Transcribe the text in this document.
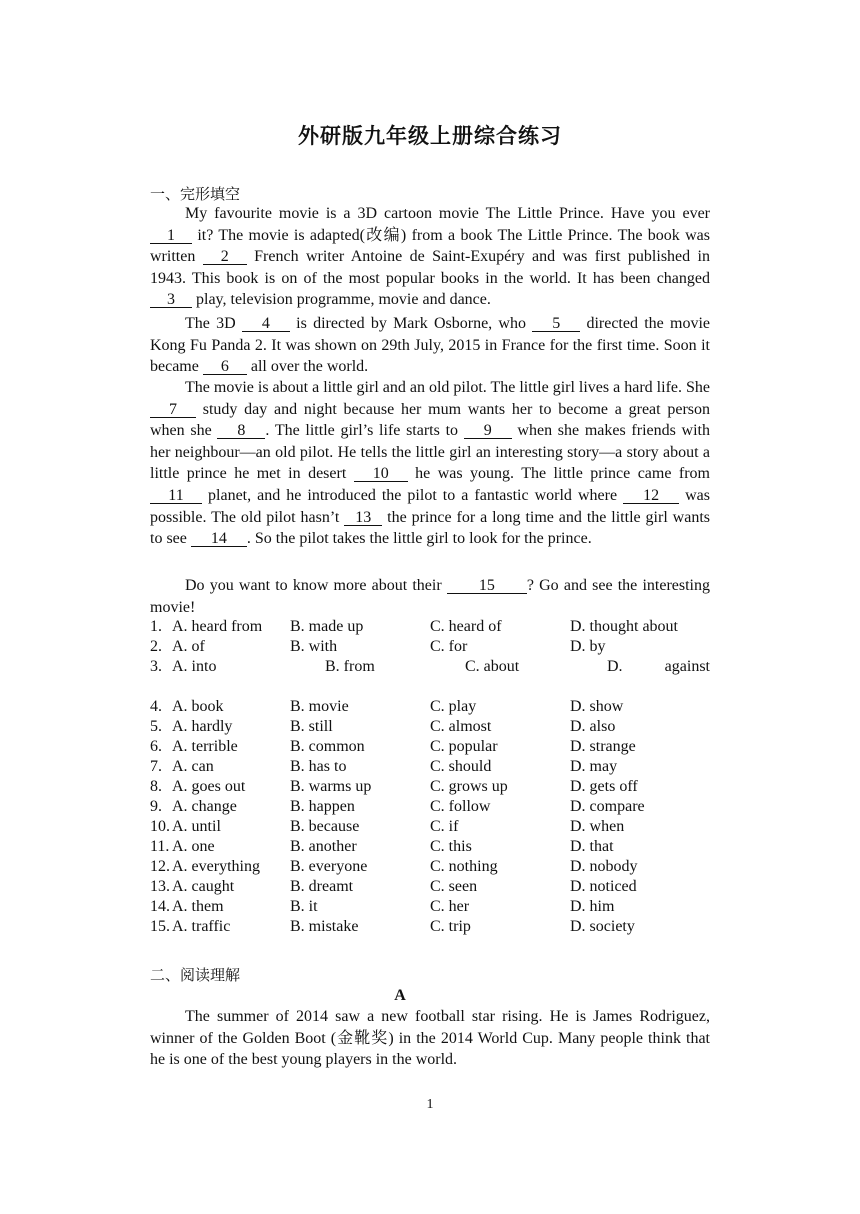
外研版九年级上册综合练习
一、完形填空

My favourite movie is a 3D cartoon movie The Little Prince. Have you ever 1 it? The movie is adapted(改编) from a book The Little Prince. The book was written 2 French writer Antoine de Saint-Exupéry and was first published in 1943. This book is on of the most popular books in the world. It has been changed 3 play, television programme, movie and dance.

The 3D 4 is directed by Mark Osborne, who 5 directed the movie Kong Fu Panda 2. It was shown on 29th July, 2015 in France for the first time. Soon it became 6 all over the world.

The movie is about a little girl and an old pilot. The little girl lives a hard life. She 7 study day and night because her mum wants her to become a great person when she 8 . The little girl’s life starts to 9 when she makes friends with her neighbour—an old pilot. He tells the little girl an interesting story—a story about a little prince he met in desert 10 he was young. The little prince came from 11 planet, and he introduced the pilot to a fantastic world where 12 was possible. The old pilot hasn’t 13 the prince for a long time and the little girl wants to see 14 . So the pilot takes the little girl to look for the prince.

Do you want to know more about their 15 ? Go and see the interesting movie!

1. A. heard from B. made up	C. heard of	D. thought about
2. A. of	B. with	C. for	D. by
3. A. into	B. from	C. about	D.	against
4. A. book	B. movie	C. play	D. show
5. A. hardly	B. still	C. almost	D. also
6. A. terrible	B. common	C. popular	D. strange
7. A. can	B. has to	C. should	D. may
8. A. goes out	B. warms up	C. grows up	D. gets off
9. A. change	B. happen	C. follow	D. compare
10. A. until	B. because	C. if	D. when
11. A. one	B. another	C. this	D. that
12. A. everything B. everyone	C. nothing	D. nobody
13. A. caught	B. dreamt	C. seen	D. noticed
14. A. them	B. it	C. her	D. him
15. A. traffic	B. mistake	C. trip	D. society
二、阅读理解
A

The summer of 2014 saw a new football star rising. He is James Rodriguez, winner of the Golden Boot (金靴奖) in the 2014 World Cup. Many people think that he is one of the best young players in the world.

1
